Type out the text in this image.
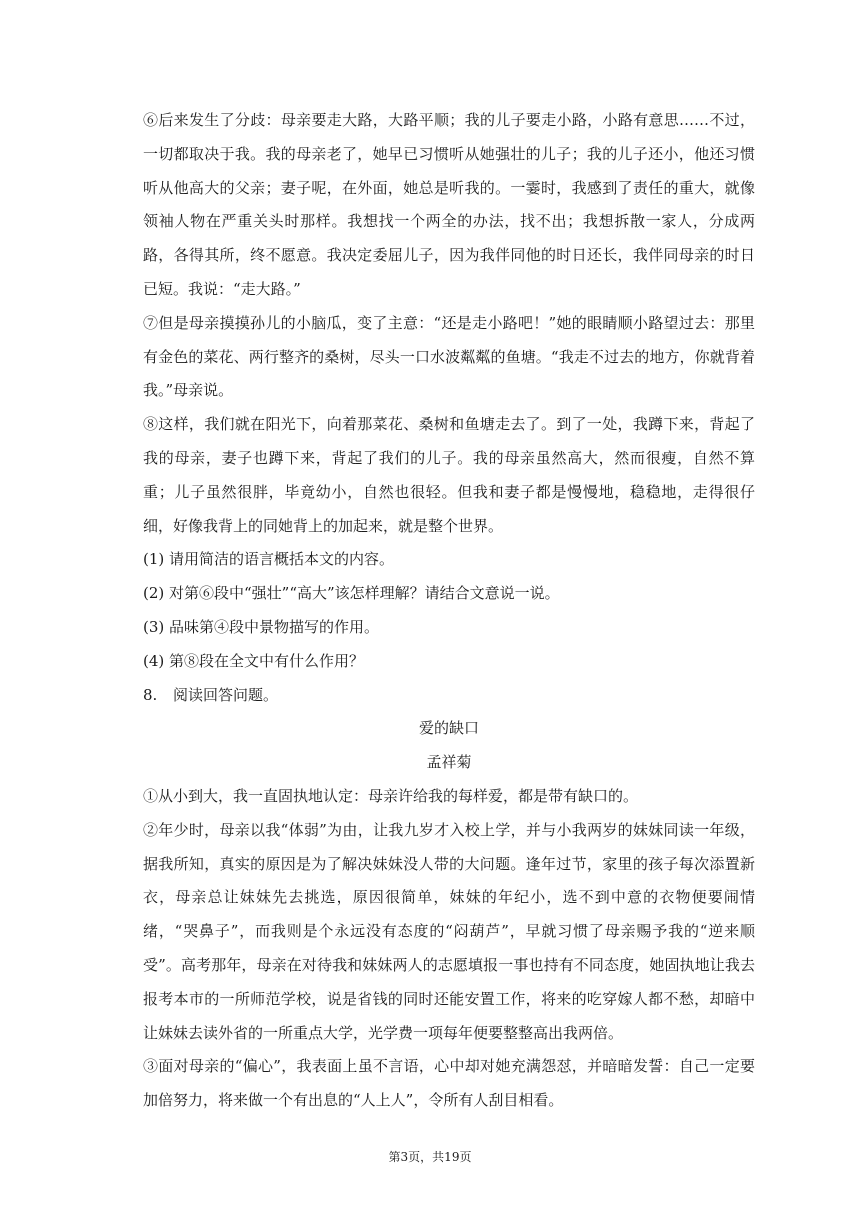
⑥后来发生了分歧：母亲要走大路，大路平顺；我的儿子要走小路，小路有意思……不过，一切都取决于我。我的母亲老了，她早已习惯听从她强壮的儿子；我的儿子还小，他还习惯听从他高大的父亲；妻子呢，在外面，她总是听我的。一霎时，我感到了责任的重大，就像领袖人物在严重关头时那样。我想找一个两全的办法，找不出；我想拆散一家人，分成两路，各得其所，终不愿意。我决定委屈儿子，因为我伴同他的时日还长，我伴同母亲的时日已短。我说：“走大路。”

⑦但是母亲摸摸孙儿的小脑瓜，变了主意：“还是走小路吧！”她的眼睛顺小路望过去：那里有金色的菜花、两行整齐的桑树，尽头一口水波粼粼的鱼塘。“我走不过去的地方，你就背着我。”母亲说。

⑧这样，我们就在阳光下，向着那菜花、桑树和鱼塘走去了。到了一处，我蹲下来，背起了我的母亲，妻子也蹲下来，背起了我们的儿子。我的母亲虽然高大，然而很瘦，自然不算重；儿子虽然很胖，毕竟幼小，自然也很轻。但我和妻子都是慢慢地，稳稳地，走得很仔细，好像我背上的同她背上的加起来，就是整个世界。

(1) 请用简洁的语言概括本文的内容。

(2) 对第⑥段中“强壮”“高大”该怎样理解？请结合文意说一说。

(3) 品味第④段中景物描写的作用。

(4) 第⑧段在全文中有什么作用？

8. 阅读回答问题。

爱的缺口

孟祥菊

①从小到大，我一直固执地认定：母亲许给我的每样爱，都是带有缺口的。

②年少时，母亲以我“体弱”为由，让我九岁才入校上学，并与小我两岁的妹妹同读一年级，据我所知，真实的原因是为了解决妹妹没人带的大问题。逢年过节，家里的孩子每次添置新衣，母亲总让妹妹先去挑选，原因很简单，妹妹的年纪小，选不到中意的衣物便要闹情绪，“哭鼻子”，而我则是个永远没有态度的“闷葫芦”，早就习惯了母亲赐予我的“逆来顺受”。高考那年，母亲在对待我和妹妹两人的志愿填报一事也持有不同态度，她固执地让我去报考本市的一所师范学校，说是省钱的同时还能安置工作，将来的吃穿嫁人都不愁，却暗中让妹妹去读外省的一所重点大学，光学费一项每年便要整整高出我两倍。

③面对母亲的“偏心”，我表面上虽不言语，心中却对她充满怨怼，并暗暗发誓：自己一定要加倍努力，将来做一个有出息的“人上人”，令所有人刮目相看。

第3页，共19页
